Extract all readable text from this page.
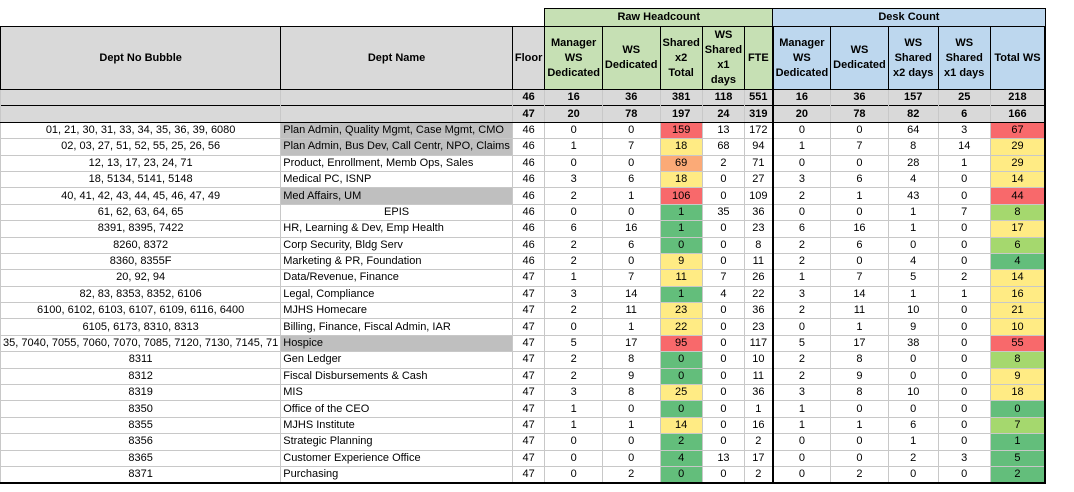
			Raw Headcount					Desk Count				
Dept No Bubble	Dept Name	Floor	Manager WS Dedicated	WS Dedicated	Shared x2 Total	WS Shared x1 days	FTE	Manager WS Dedicated	WS Dedicated	WS Shared x2 days	WS Shared x1 days	Total WS
		46	16	36	381	118	551	16	36	157	25	218
		47	20	78	197	24	319	20	78	82	6	166
01, 21, 30, 31, 33, 34, 35, 36, 39, 6080	Plan Admin, Quality Mgmt, Case Mgmt, CMO	46	0	0	159	13	172	0	0	64	3	67
02, 03, 27, 51, 52, 55, 25, 26, 56	Plan Admin, Bus Dev, Call Centr, NPO, Claims	46	1	7	18	68	94	1	7	8	14	29
12, 13, 17, 23, 24, 71	Product, Enrollment, Memb Ops, Sales	46	0	0	69	2	71	0	0	28	1	29
18, 5134, 5141, 5148	Medical PC, ISNP	46	3	6	18	0	27	3	6	4	0	14
40, 41, 42, 43, 44, 45, 46, 47, 49	Med Affairs, UM	46	2	1	106	0	109	2	1	43	0	44
61, 62, 63, 64, 65	EPIS	46	0	0	1	35	36	0	0	1	7	8
8391, 8395, 7422	HR, Learning & Dev, Emp Health	46	6	16	1	0	23	6	16	1	0	17
8260, 8372	Corp Security, Bldg Serv	46	2	6	0	0	8	2	6	0	0	6
8360, 8355F	Marketing & PR, Foundation	46	2	0	9	0	11	2	0	4	0	4
20, 92, 94	Data/Revenue, Finance	47	1	7	11	7	26	1	7	5	2	14
82, 83, 8353, 8352, 6106	Legal, Compliance	47	3	14	1	4	22	3	14	1	1	16
6100, 6102, 6103, 6107, 6109, 6116, 6400	MJHS Homecare	47	2	11	23	0	36	2	11	10	0	21
6105, 6173, 8310, 8313	Billing, Finance, Fiscal Admin, IAR	47	0	1	22	0	23	0	1	9	0	10
35, 7040, 7055, 7060, 7070, 7085, 7120, 7130, 7145, 71	Hospice	47	5	17	95	0	117	5	17	38	0	55
8311	Gen Ledger	47	2	8	0	0	10	2	8	0	0	8
8312	Fiscal Disbursements & Cash	47	2	9	0	0	11	2	9	0	0	9
8319	MIS	47	3	8	25	0	36	3	8	10	0	18
8350	Office of the CEO	47	1	0	0	0	1	1	0	0	0	0
8355	MJHS Institute	47	1	1	14	0	16	1	1	6	0	7
8356	Strategic Planning	47	0	0	2	0	2	0	0	1	0	1
8365	Customer Experience Office	47	0	0	4	13	17	0	0	2	3	5
8371	Purchasing	47	0	2	0	0	2	0	2	0	0	2
